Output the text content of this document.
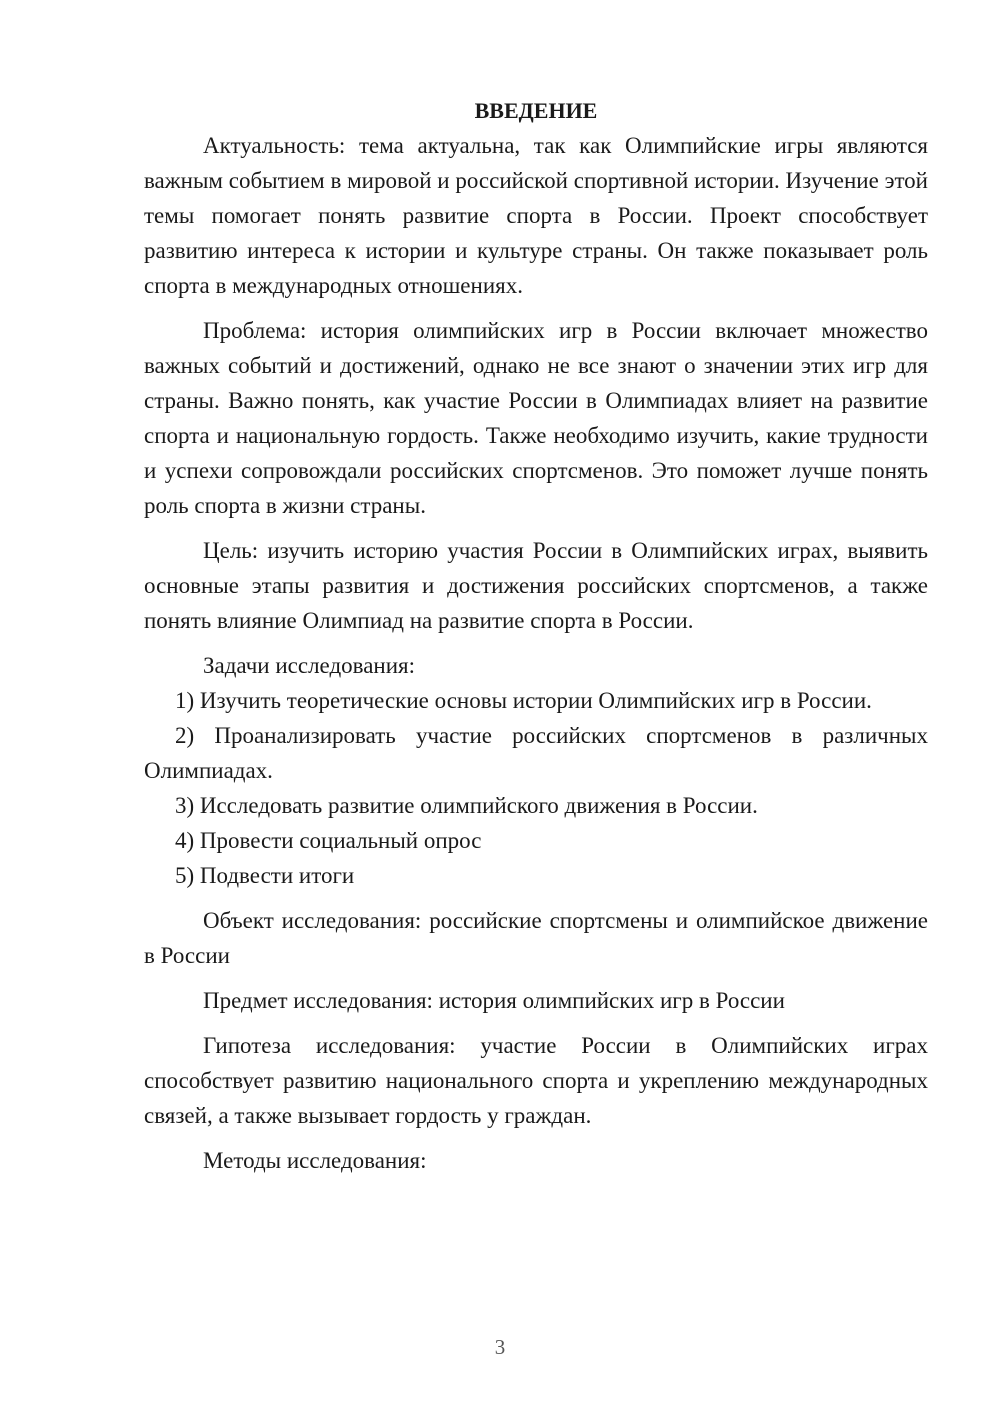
ВВЕДЕНИЕ

Актуальность: тема актуальна, так как Олимпийские игры являются важным событием в мировой и российской спортивной истории. Изучение этой темы помогает понять развитие спорта в России. Проект способствует развитию интереса к истории и культуре страны. Он также показывает роль спорта в международных отношениях.

Проблема: история олимпийских игр в России включает множество важных событий и достижений, однако не все знают о значении этих игр для страны. Важно понять, как участие России в Олимпиадах влияет на развитие спорта и национальную гордость. Также необходимо изучить, какие трудности и успехи сопровождали российских спортсменов. Это поможет лучше понять роль спорта в жизни страны.

Цель: изучить историю участия России в Олимпийских играх, выявить основные этапы развития и достижения российских спортсменов, а также понять влияние Олимпиад на развитие спорта в России.

Задачи исследования:

1) Изучить теоретические основы истории Олимпийских игр в России.

2) Проанализировать участие российских спортсменов в различных Олимпиадах.

3) Исследовать развитие олимпийского движения в России.

4) Провести социальный опрос

5) Подвести итоги

Объект исследования: российские спортсмены и олимпийское движение в России

Предмет исследования: история олимпийских игр в России

Гипотеза исследования: участие России в Олимпийских играх способствует развитию национального спорта и укреплению международных связей, а также вызывает гордость у граждан.

Методы исследования:

3
